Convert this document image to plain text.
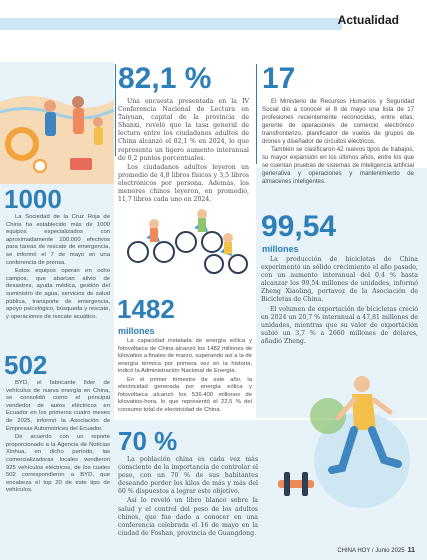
Actualidad
82,1 %

Una encuesta presentada en la IV Conferencia Nacional de Lectura en Taiyuan, capital de la provincia de Shanxi, reveló que la tasa general de lectura entre los ciudadanos adultos de China alcanzó el 82,1 % en 2024, lo que representa un ligero aumento interanual de 0,2 puntos porcentuales.

Los ciudadanos adultos leyeron un promedio de 4,8 libros físicos y 3,5 libros electrónicos por persona. Además, los menores chinos leyeron, en promedio, 11,7 libros cada uno en 2024.

17

El Ministerio de Recursos Humanos y Seguridad Social dio a conocer el 8 de mayo una lista de 17 profesiones recientemente reconocidas, entre ellas, gerente de operaciones de comercio electrónico transfronterizo, planificador de vuelos de grupos de drones y diseñador de circuitos eléctricos.

También se clasificaron 42 nuevos tipos de trabajos, su mayor expansión en los últimos años, entre los que se cuentan pruebas de sistemas de inteligencia artificial generativa y operaciones y mantenimiento de almacenes inteligentes.

1000

La Sociedad de la Cruz Roja de China ha establecido más de 1000 equipos especializados con aproximadamente 100.000 efectivos para tareas de rescate de emergencia, se informó el 7 de mayo en una conferencia de prensa.

Estos equipos operan en ocho campos, que abarcan alivio de desastres, ayuda médica, gestión del suministro de agua, servicios de salud pública, transporte de emergencia, apoyo psicológico, búsqueda y rescate, y operaciones de rescate acuático.

99,54
millones

La producción de bicicletas de China experimentó un sólido crecimiento el año pasado, con un aumento interanual del 0,4 % hasta alcanzar los 99,54 millones de unidades, informó Zheng Xiaoling, portavoz de la Asociación de Bicicletas de China.

El volumen de exportación de bicicletas creció en 2024 un 20,7 % interanual a 47,81 millones de unidades, mientras que su valor de exportación subió un 3,7 % a 2660 millones de dólares, añadió Zheng.

1482
millones

La capacidad instalada de energía eólica y fotovoltaica de China alcanzó los 1482 millones de kilovatios a finales de marzo, superando así a la de energía térmica por primera vez en la historia, indicó la Administración Nacional de Energía.

En el primer trimestre de este año, la electricidad generada por energía eólica y fotovoltaica alcanzó los 536.400 millones de kilovatios-hora, lo que representó el 22,5 % del consumo total de electricidad de China.

502

BYD, el fabricante líder de vehículos de nueva energía en China, se consolidó como el principal vendedor de autos eléctricos en Ecuador en los primeros cuatro meses de 2025, informó la Asociación de Empresas Automotrices del Ecuador.

De acuerdo con un reporte proporcionado a la Agencia de Noticias Xinhua, en dicho período, las comercializadoras locales vendieron 925 vehículos eléctricos, de los cuales 502 correspondieron a BYD, que encabeza el top 20 de este tipo de vehículos.

70 %

La población china es cada vez más consciente de la importancia de controlar el peso, con un 70 % de sus habitantes deseando perder los kilos de más y más del 60 % dispuestos a lograr este objetivo.

Así lo reveló un libro blanco sobre la salud y el control del peso de los adultos chinos, que fue dado a conocer en una conferencia celebrada el 16 de mayo en la ciudad de Foshan, provincia de Guangdong.

CHINA HOY / Junio 2025 11
